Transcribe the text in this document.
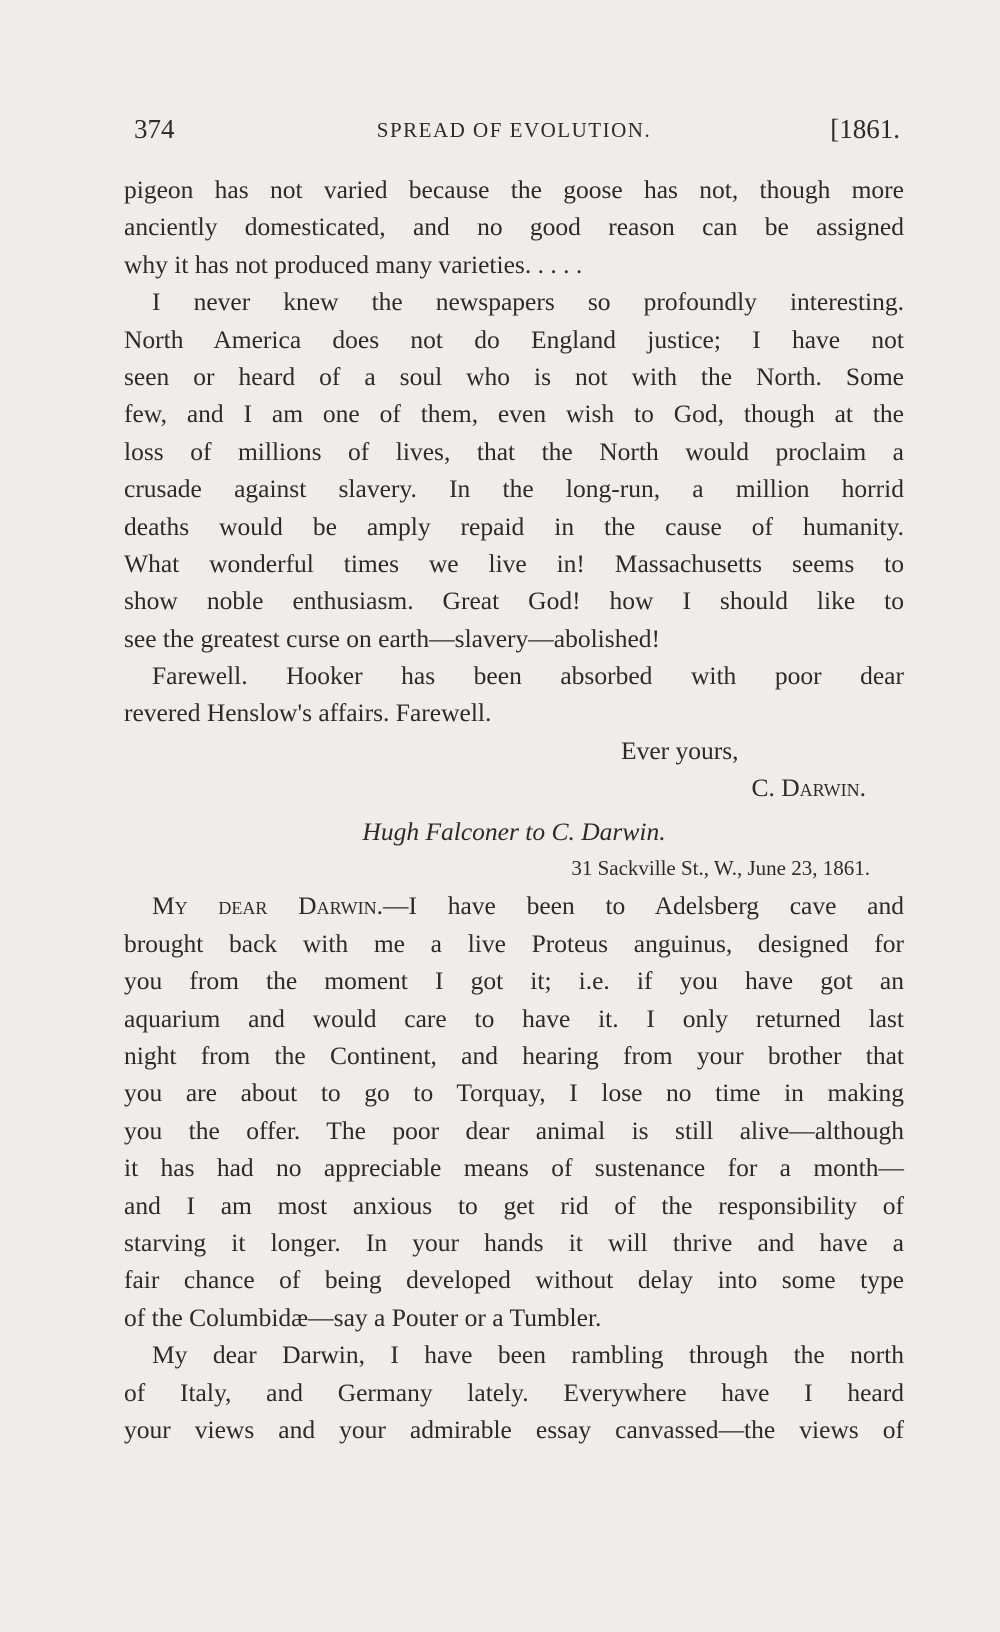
374	SPREAD OF EVOLUTION.	[1861.
pigeon has not varied because the goose has not, though more
anciently domesticated, and no good reason can be assigned
why it has not produced many varieties. . . . .
I never knew the newspapers so profoundly interesting.
North America does not do England justice; I have not
seen or heard of a soul who is not with the North. Some
few, and I am one of them, even wish to God, though at the
loss of millions of lives, that the North would proclaim a
crusade against slavery. In the long-run, a million horrid
deaths would be amply repaid in the cause of humanity.
What wonderful times we live in! Massachusetts seems to
show noble enthusiasm. Great God! how I should like to
see the greatest curse on earth—slavery—abolished!
Farewell. Hooker has been absorbed with poor dear
revered Henslow's affairs. Farewell.
Ever yours,
C. Darwin.
Hugh Falconer to C. Darwin.
31 Sackville St., W., June 23, 1861.
My dear Darwin.—I have been to Adelsberg cave and
brought back with me a live Proteus anguinus, designed for
you from the moment I got it; i.e. if you have got an
aquarium and would care to have it. I only returned last
night from the Continent, and hearing from your brother that
you are about to go to Torquay, I lose no time in making
you the offer. The poor dear animal is still alive—although
it has had no appreciable means of sustenance for a month—
and I am most anxious to get rid of the responsibility of
starving it longer. In your hands it will thrive and have a
fair chance of being developed without delay into some type
of the Columbidæ—say a Pouter or a Tumbler.
My dear Darwin, I have been rambling through the north
of Italy, and Germany lately. Everywhere have I heard
your views and your admirable essay canvassed—the views of
